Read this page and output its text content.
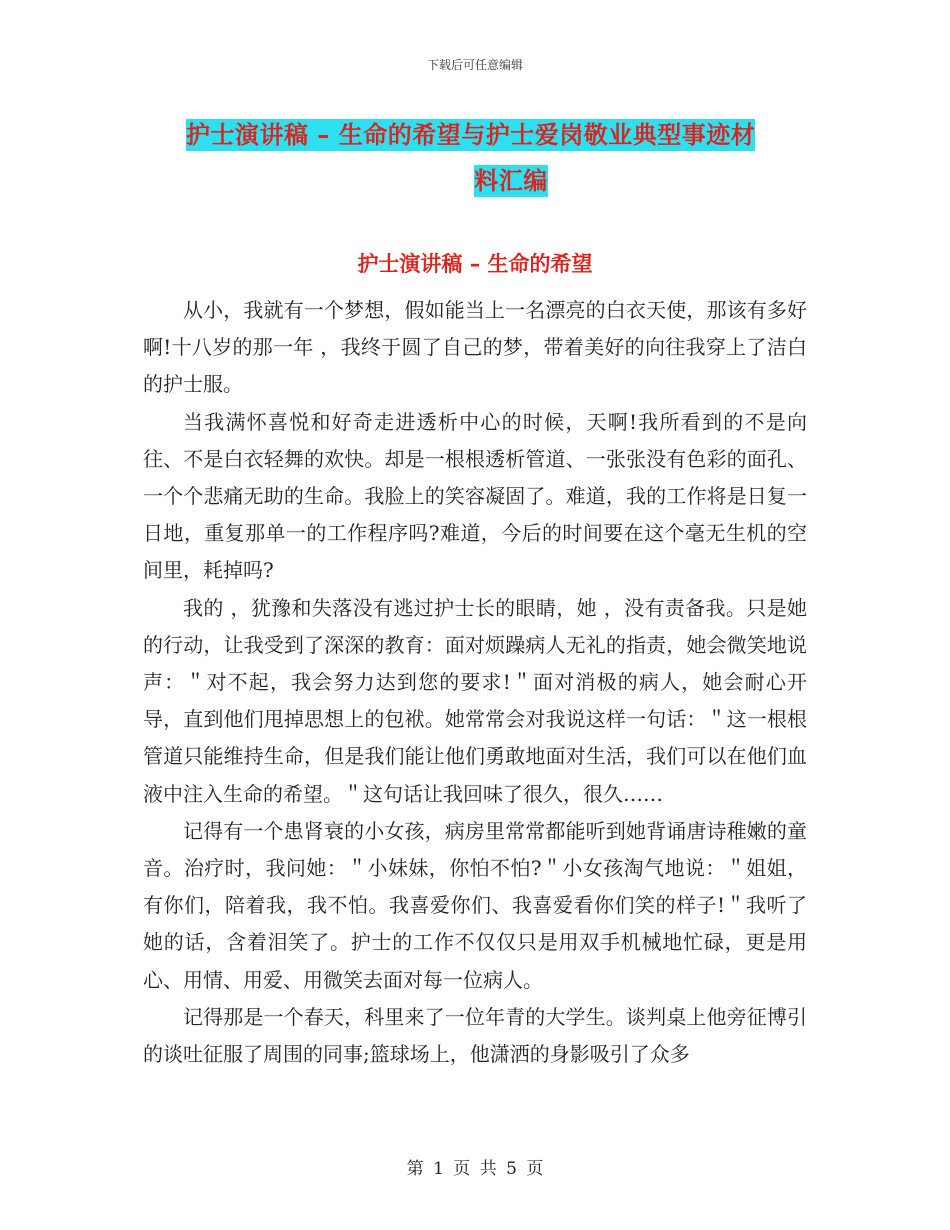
下载后可任意编辑
护士演讲稿 – 生命的希望与护士爱岗敬业典型事迹材
料汇编
护士演讲稿 – 生命的希望

从小，我就有一个梦想，假如能当上一名漂亮的白衣天使，那该有多好啊!十八岁的那一年 ，我终于圆了自己的梦，带着美好的向往我穿上了洁白的护士服。

当我满怀喜悦和好奇走进透析中心的时候，天啊!我所看到的不是向往、不是白衣轻舞的欢快。却是一根根透析管道、一张张没有色彩的面孔、一个个悲痛无助的生命。我脸上的笑容凝固了。难道，我的工作将是日复一日地，重复那单一的工作程序吗?难道，今后的时间要在这个毫无生机的空间里，耗掉吗?

我的 ，犹豫和失落没有逃过护士长的眼睛，她 ，没有责备我。只是她的行动，让我受到了深深的教育：面对烦躁病人无礼的指责，她会微笑地说声：＂对不起，我会努力达到您的要求!＂面对消极的病人，她会耐心开导，直到他们甩掉思想上的包袱。她常常会对我说这样一句话：＂这一根根管道只能维持生命，但是我们能让他们勇敢地面对生活，我们可以在他们血液中注入生命的希望。＂这句话让我回味了很久，很久……

记得有一个患肾衰的小女孩，病房里常常都能听到她背诵唐诗稚嫩的童音。治疗时，我问她：＂小妹妹，你怕不怕?＂小女孩淘气地说：＂姐姐，有你们，陪着我，我不怕。我喜爱你们、我喜爱看你们笑的样子!＂我听了她的话，含着泪笑了。护士的工作不仅仅只是用双手机械地忙碌，更是用心、用情、用爱、用微笑去面对每一位病人。

记得那是一个春天，科里来了一位年青的大学生。谈判桌上他旁征博引的谈吐征服了周围的同事;篮球场上，他潇洒的身影吸引了众多

第 1 页 共 5 页
